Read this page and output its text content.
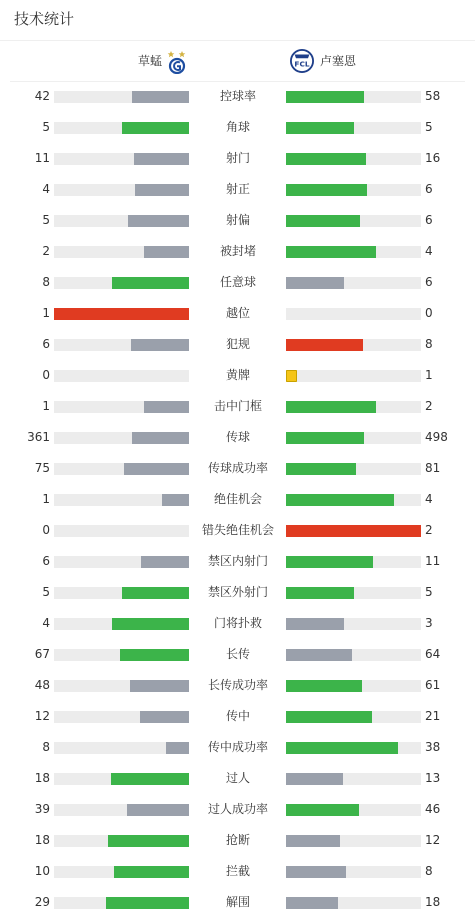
技术统计
草蜢	FCL 卢塞恩
42	控球率	58
5	角球	5
11	射门	16
4	射正	6
5	射偏	6
2	被封堵	4
8	任意球	6
1	越位	0
6	犯规	8
0	黄牌	1
1	击中门框	2
361	传球	498
75	传球成功率	81
1	绝佳机会	4
0	错失绝佳机会	2
6	禁区内射门	11
5	禁区外射门	5
4	门将扑救	3
67	长传	64
48	长传成功率	61
12	传中	21
8	传中成功率	38
18	过人	13
39	过人成功率	46
18	抢断	12
10	拦截	8
29	解围	18
